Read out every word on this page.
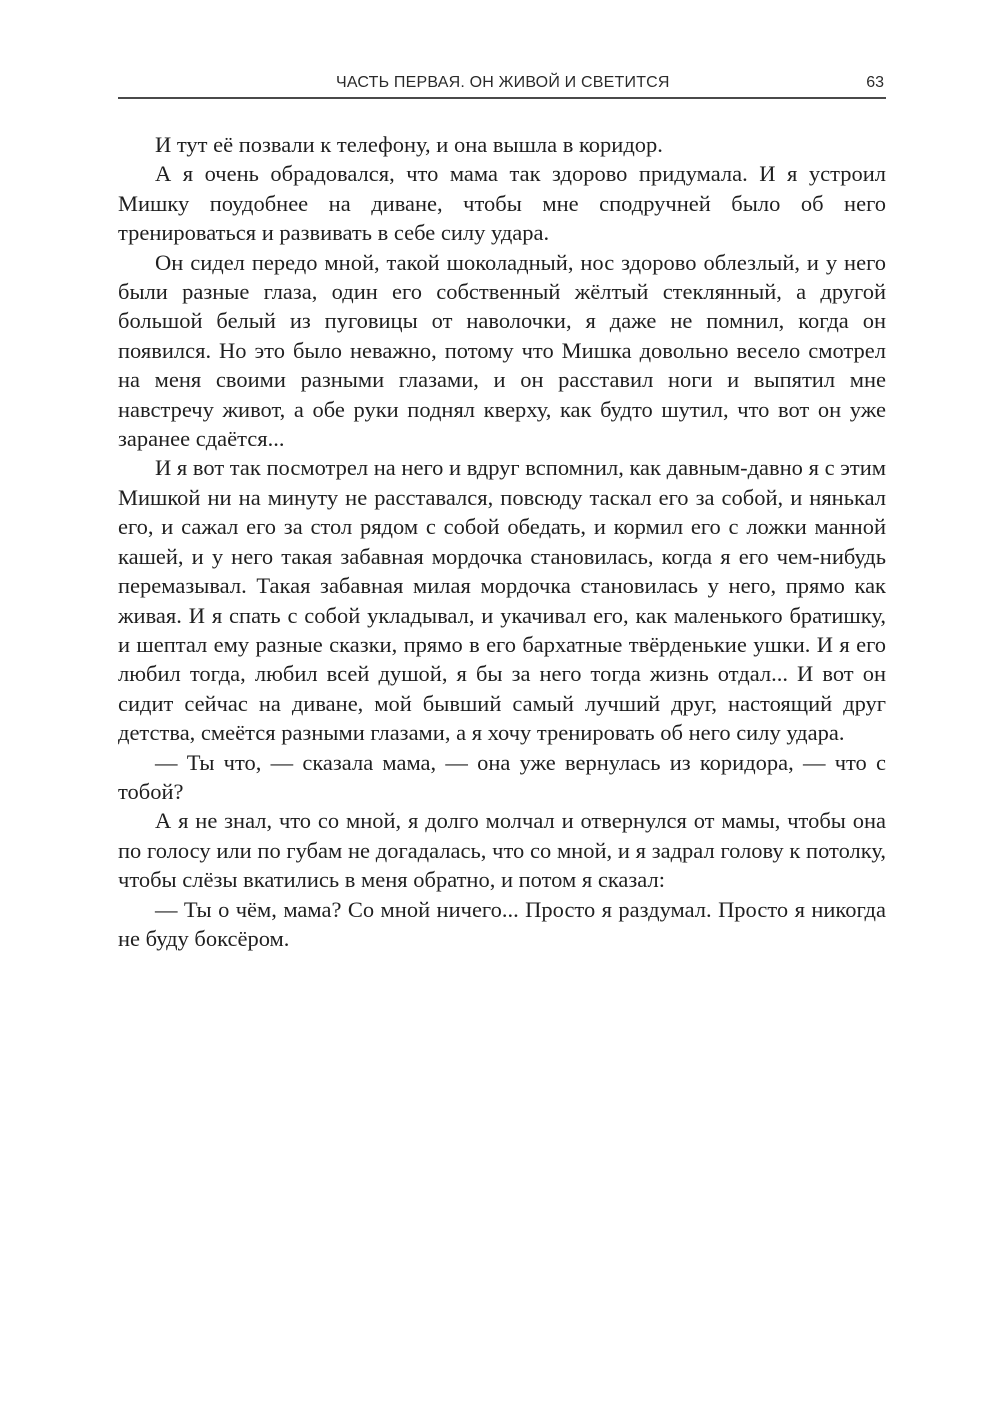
ЧАСТЬ ПЕРВАЯ. ОН ЖИВОЙ И СВЕТИТСЯ	63

И тут её позвали к телефону, и она вышла в коридор.

А я очень обрадовался, что мама так здорово придумала. И я устроил Мишку поудобнее на диване, чтобы мне сподручней было об него тренироваться и развивать в себе силу удара.

Он сидел передо мной, такой шоколадный, нос здорово облезлый, и у него были разные глаза, один его собственный жёлтый стеклянный, а другой большой белый из пуговицы от наволочки, я даже не помнил, когда он появился. Но это было неважно, потому что Мишка довольно весело смотрел на меня своими разными глазами, и он расставил ноги и выпятил мне навстречу живот, а обе руки поднял кверху, как будто шутил, что вот он уже заранее сдаётся...

И я вот так посмотрел на него и вдруг вспомнил, как давным-давно я с этим Мишкой ни на минуту не расставался, повсюду таскал его за собой, и нянькал его, и сажал его за стол рядом с собой обедать, и кормил его с ложки манной кашей, и у него такая забавная мордочка становилась, когда я его чем-нибудь перемазывал. Такая забавная милая мордочка становилась у него, прямо как живая. И я спать с собой укладывал, и укачивал его, как маленького братишку, и шептал ему разные сказки, прямо в его бархатные твёрденькие ушки. И я его любил тогда, любил всей душой, я бы за него тогда жизнь отдал... И вот он сидит сейчас на диване, мой бывший самый лучший друг, настоящий друг детства, смеётся разными глазами, а я хочу тренировать об него силу удара.

— Ты что, — сказала мама, — она уже вернулась из коридора, — что с тобой?

А я не знал, что со мной, я долго молчал и отвернулся от мамы, чтобы она по голосу или по губам не догадалась, что со мной, и я задрал голову к потолку, чтобы слёзы вкатились в меня обратно, и потом я сказал:

— Ты о чём, мама? Со мной ничего... Просто я раздумал. Просто я никогда не буду боксёром.
